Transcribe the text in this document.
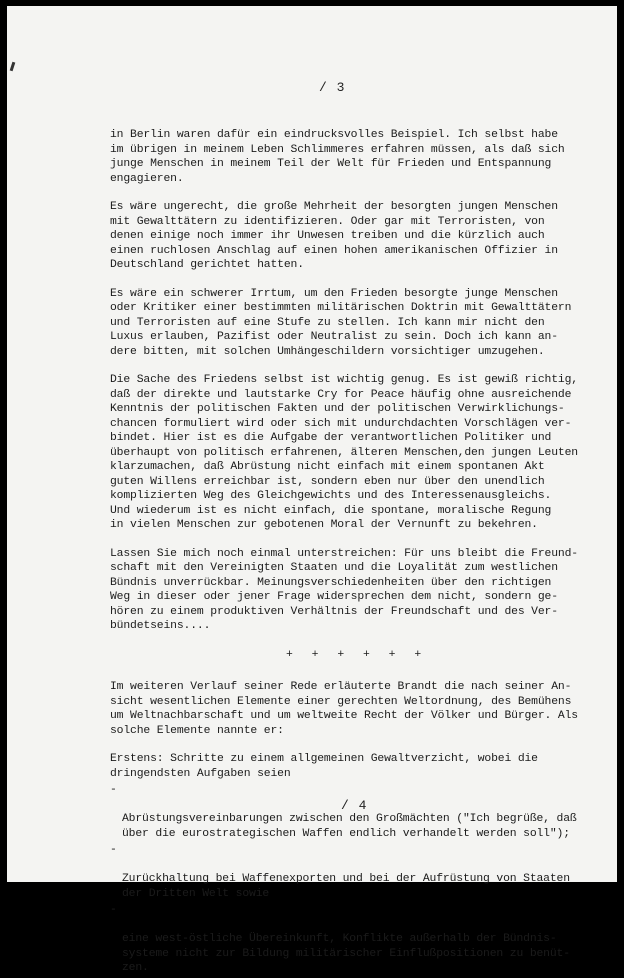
/ 3

in Berlin waren dafür ein eindrucksvolles Beispiel. Ich selbst habe
im übrigen in meinem Leben Schlimmeres erfahren müssen, als daß sich
junge Menschen in meinem Teil der Welt für Frieden und Entspannung
engagieren.

Es wäre ungerecht, die große Mehrheit der besorgten jungen Menschen
mit Gewalttätern zu identifizieren. Oder gar mit Terroristen, von
denen einige noch immer ihr Unwesen treiben und die kürzlich auch
einen ruchlosen Anschlag auf einen hohen amerikanischen Offizier in
Deutschland gerichtet hatten.

Es wäre ein schwerer Irrtum, um den Frieden besorgte junge Menschen
oder Kritiker einer bestimmten militärischen Doktrin mit Gewalttätern
und Terroristen auf eine Stufe zu stellen. Ich kann mir nicht den
Luxus erlauben, Pazifist oder Neutralist zu sein. Doch ich kann an-
dere bitten, mit solchen Umhängeschildern vorsichtiger umzugehen.

Die Sache des Friedens selbst ist wichtig genug. Es ist gewiß richtig,
daß der direkte und lautstarke Cry for Peace häufig ohne ausreichende
Kenntnis der politischen Fakten und der politischen Verwirklichungs-
chancen formuliert wird oder sich mit undurchdachten Vorschlägen ver-
bindet. Hier ist es die Aufgabe der verantwortlichen Politiker und
überhaupt von politisch erfahrenen, älteren Menschen,den jungen Leuten
klarzumachen, daß Abrüstung nicht einfach mit einem spontanen Akt
guten Willens erreichbar ist, sondern eben nur über den unendlich
komplizierten Weg des Gleichgewichts und des Interessenausgleichs.
Und wiederum ist es nicht einfach, die spontane, moralische Regung
in vielen Menschen zur gebotenen Moral der Vernunft zu bekehren.

Lassen Sie mich noch einmal unterstreichen: Für uns bleibt die Freund-
schaft mit den Vereinigten Staaten und die Loyalität zum westlichen
Bündnis unverrückbar. Meinungsverschiedenheiten über den richtigen
Weg in dieser oder jener Frage widersprechen dem nicht, sondern ge-
hören zu einem produktiven Verhältnis der Freundschaft und des Ver-
bündetseins....

+ + + + + +

Im weiteren Verlauf seiner Rede erläuterte Brandt die nach seiner An-
sicht wesentlichen Elemente einer gerechten Weltordnung, des Bemühens
um Weltnachbarschaft und um weltweite Recht der Völker und Bürger. Als
solche Elemente nannte er:

Erstens: Schritte zu einem allgemeinen Gewaltverzicht, wobei die
dringendsten Aufgaben seien

-

Abrüstungsvereinbarungen zwischen den Großmächten ("Ich begrüße, daß
über die eurostrategischen Waffen endlich verhandelt werden soll");

-

Zurückhaltung bei Waffenexporten und bei der Aufrüstung von Staaten
der Dritten Welt sowie

-

eine west-östliche Übereinkunft, Konflikte außerhalb der Bündnis-
systeme nicht zur Bildung militärischer Einflußpositionen zu benüt-
zen.

/ 4
